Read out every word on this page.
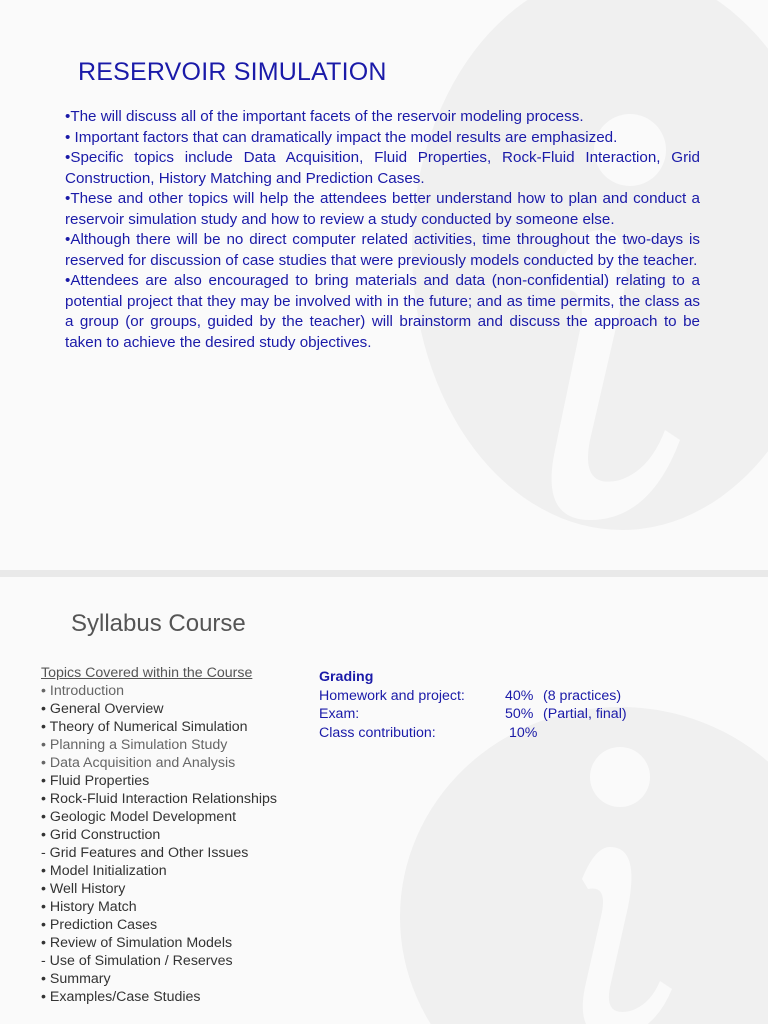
RESERVOIR SIMULATION

•The will discuss all of the important facets of the reservoir modeling process.

• Important factors that can dramatically impact the model results are emphasized.

•Specific topics include Data Acquisition, Fluid Properties, Rock-Fluid Interaction, Grid Construction, History Matching and Prediction Cases.

•These and other topics will help the attendees better understand how to plan and conduct a reservoir simulation study and how to review a study conducted by someone else.

•Although there will be no direct computer related activities, time throughout the two-days is reserved for discussion of case studies that were previously models conducted by the teacher.

•Attendees are also encouraged to bring materials and data (non-confidential) relating to a potential project that they may be involved with in the future; and as time permits, the class as a group (or groups, guided by the teacher) will brainstorm and discuss the approach to be taken to achieve the desired study objectives.

Syllabus Course
Topics Covered within the Course
• Introduction
• General Overview
• Theory of Numerical Simulation
• Planning a Simulation Study
• Data Acquisition and Analysis
• Fluid Properties
• Rock-Fluid Interaction Relationships
• Geologic Model Development
• Grid Construction
- Grid Features and Other Issues
• Model Initialization
• Well History
• History Match
• Prediction Cases
• Review of Simulation Models
- Use of Simulation / Reserves
• Summary
• Examples/Case Studies
Grading
Homework and project:	40% (8 practices)
Exam:	50% (Partial, final)
Class contribution:	10%
